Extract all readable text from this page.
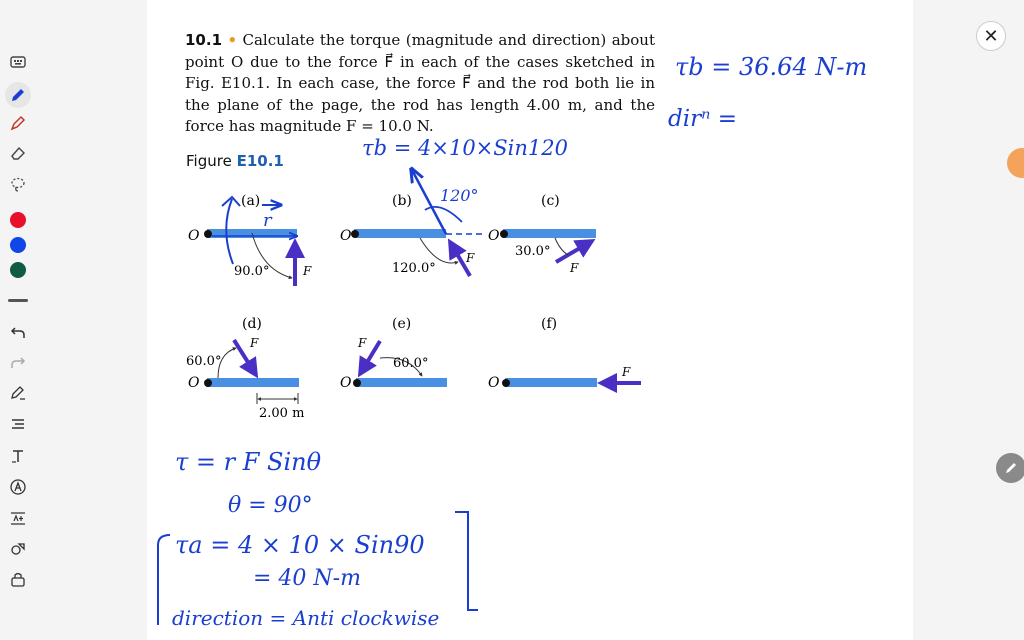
10.1 • Calculate the torque (magnitude and direction) about point O due to the force F⃗ in each of the cases sketched in Fig. E10.1. In each case, the force F⃗ and the rod both lie in the plane of the page, the rod has length 4.00 m, and the force has magnitude F = 10.0 N.
Figure E10.1
(a)
O
F
90.0°
(b)
O
F
120.0°
(c)
O
F
30.0°
(d)
O
F
60.0°
2.00 m
(e)
O
F
60.0°
(f)
O
F
r
120°
τb = 4×10×Sin120
τb = 36.64 N-m
dirⁿ =
τ = r F Sinθ
θ = 90°
τa = 4 × 10 × Sin90
= 40 N-m
direction = Anti clockwise
✕
